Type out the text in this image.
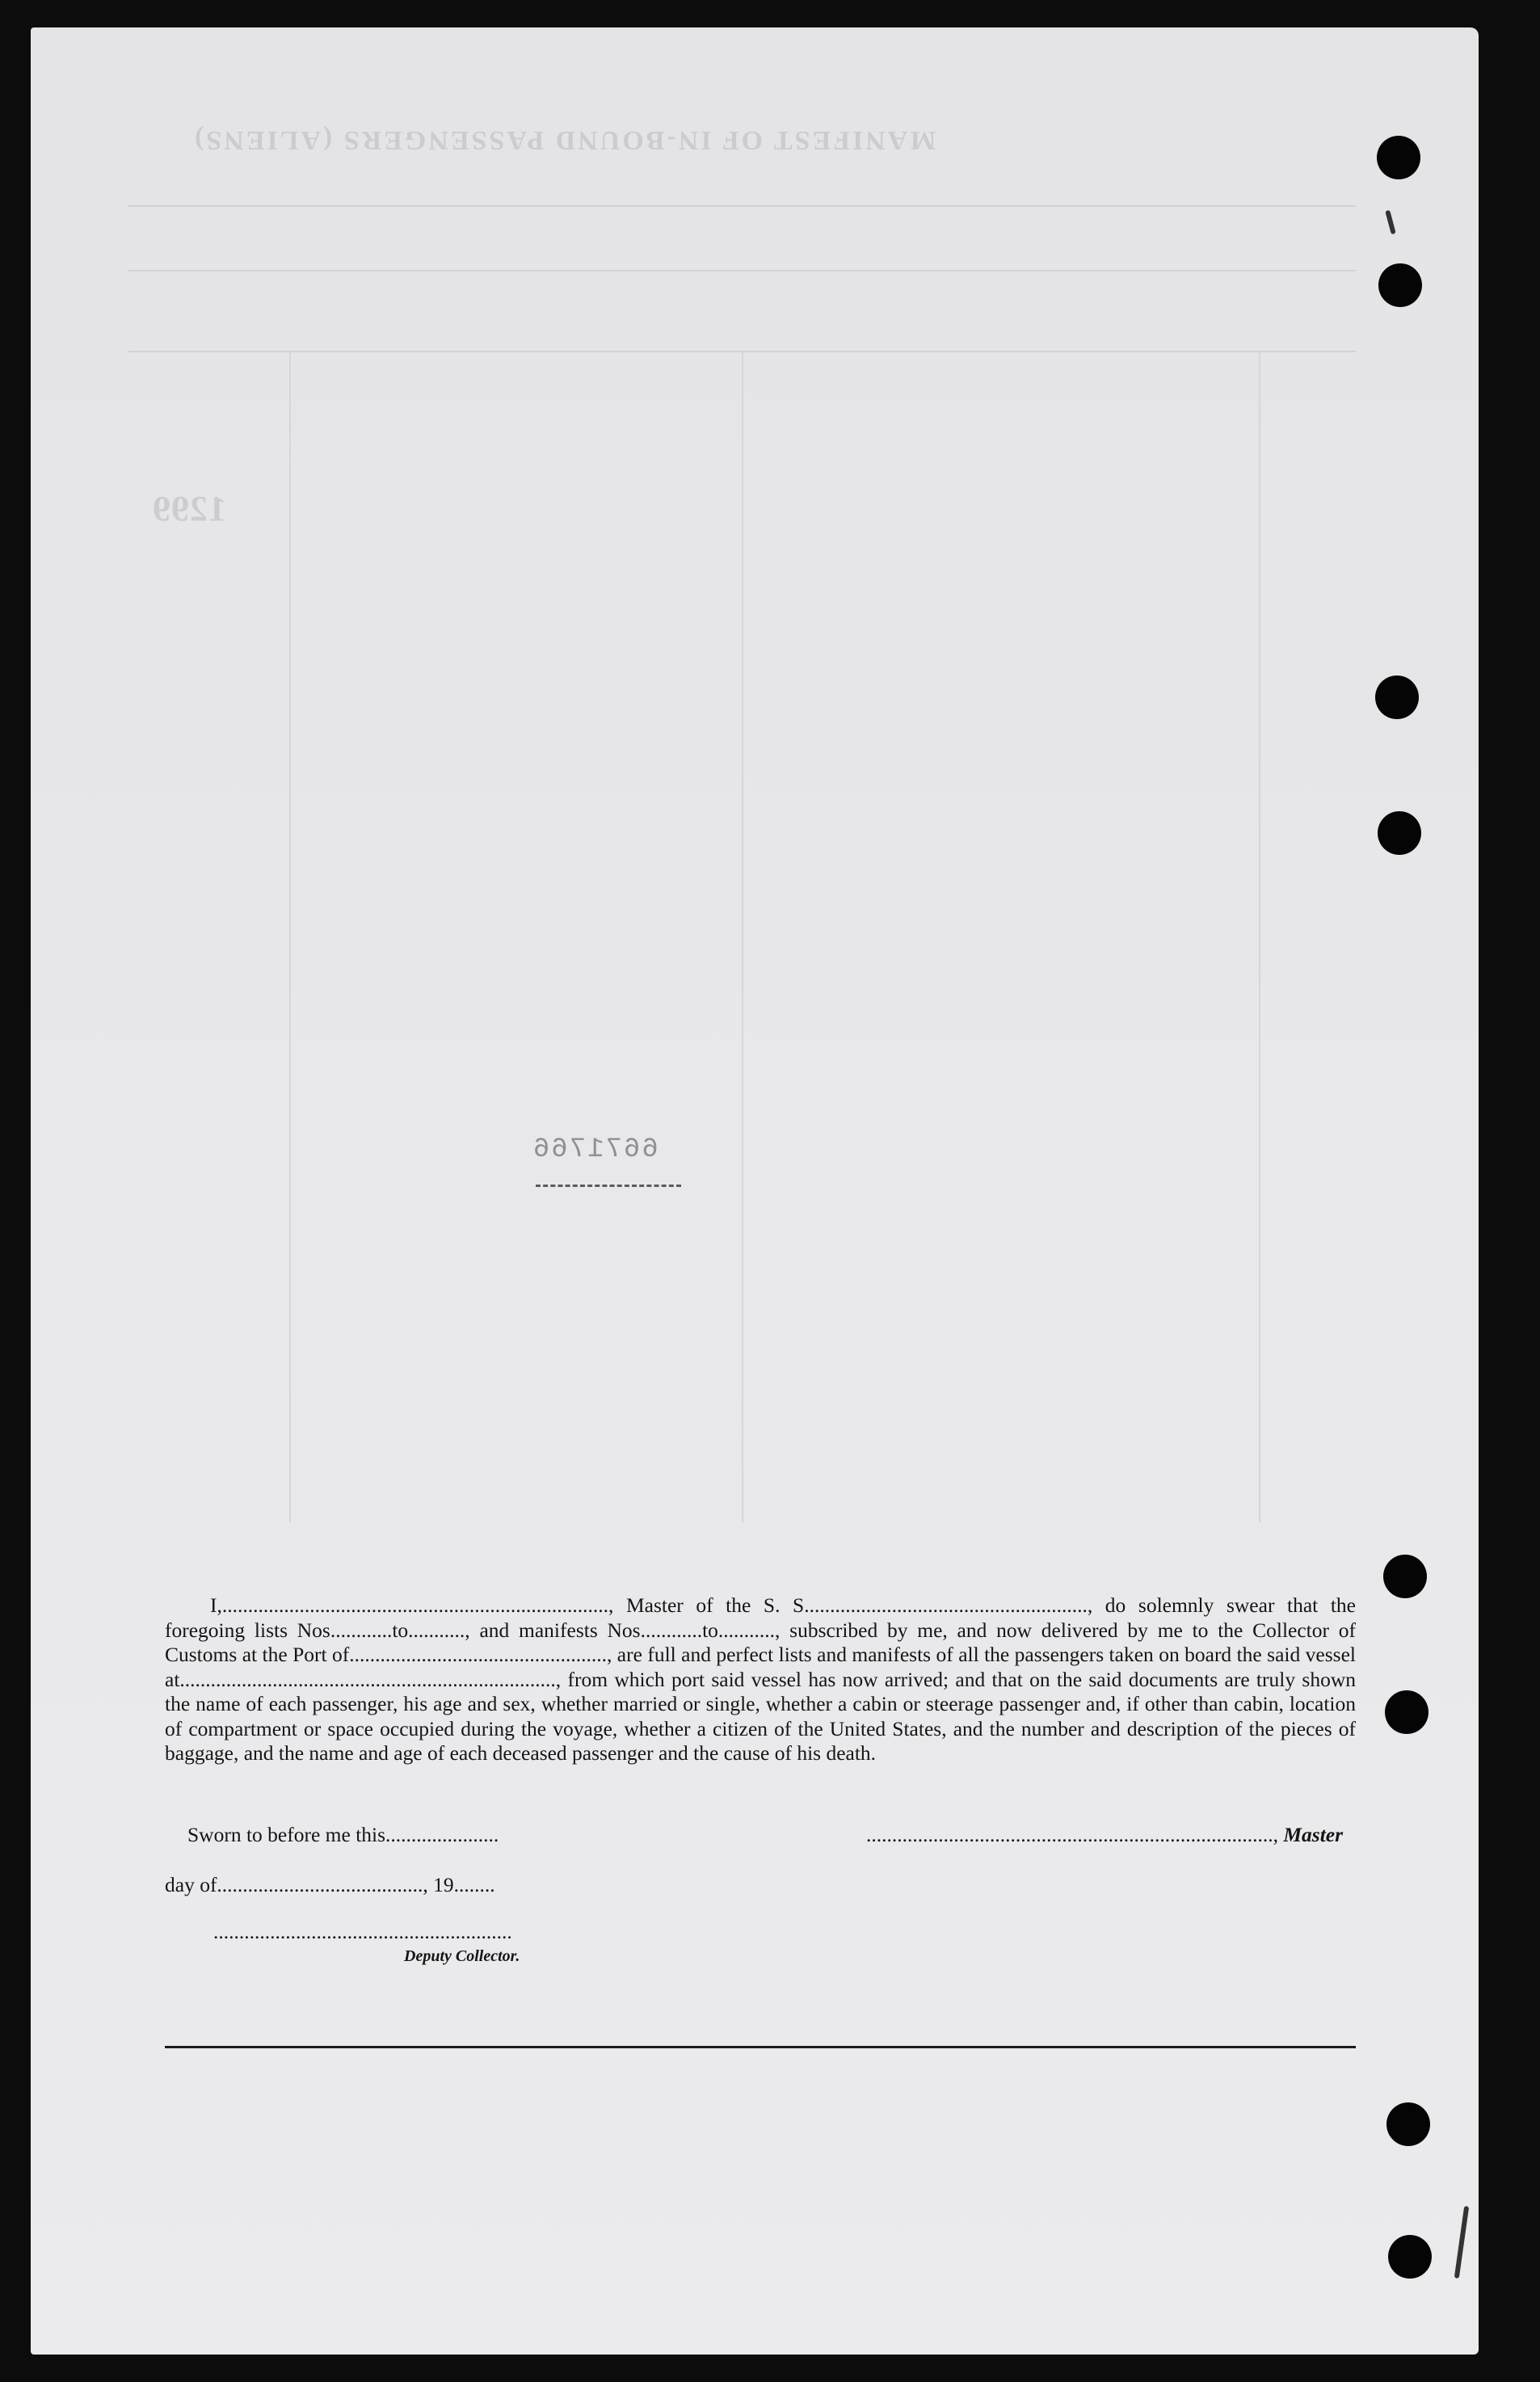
MANIFEST OF IN-BOUND PASSENGERS (ALIENS)
1299
6671766

I,..........................................................................., Master of the S. S......................................................., do solemnly swear that the foregoing lists Nos............to..........., and manifests Nos............to..........., subscribed by me, and now delivered by me to the Collector of Customs at the Port of.................................................., are full and perfect lists and manifests of all the passengers taken on board the said vessel at........................................................................., from which port said vessel has now arrived; and that on the said documents are truly shown the name of each passenger, his age and sex, whether married or single, whether a cabin or steerage passenger and, if other than cabin, location of compartment or space occupied during the voyage, whether a citizen of the United States, and the number and description of the pieces of baggage, and the name and age of each deceased passenger and the cause of his death.

Sworn to before me this......................	..............................................................................., Master
day of........................................, 19........
..........................................................
Deputy Collector.
